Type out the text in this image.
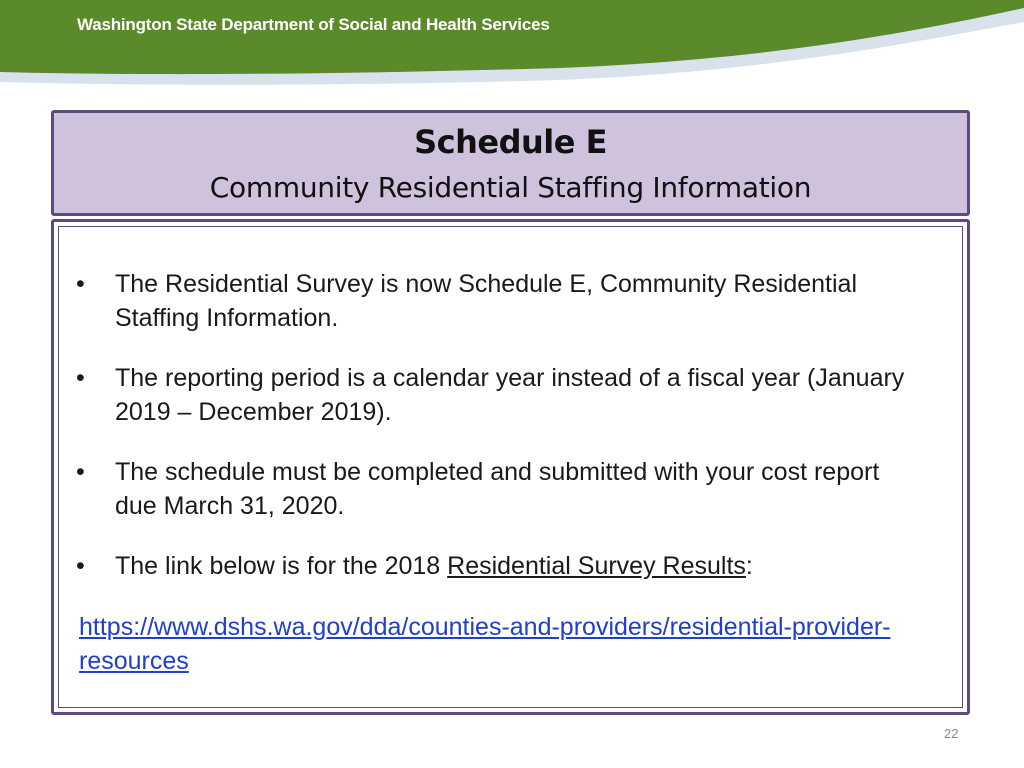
Washington State Department of Social and Health Services
Schedule E
Community Residential Staffing Information
• The Residential Survey is now Schedule E, Community Residential Staffing Information.
• The reporting period is a calendar year instead of a fiscal year (January 2019 – December 2019).
• The schedule must be completed and submitted with your cost report due March 31, 2020.
• The link below is for the 2018 Residential Survey Results:
https://www.dshs.wa.gov/dda/counties-and-providers/residential-provider-resources
22
